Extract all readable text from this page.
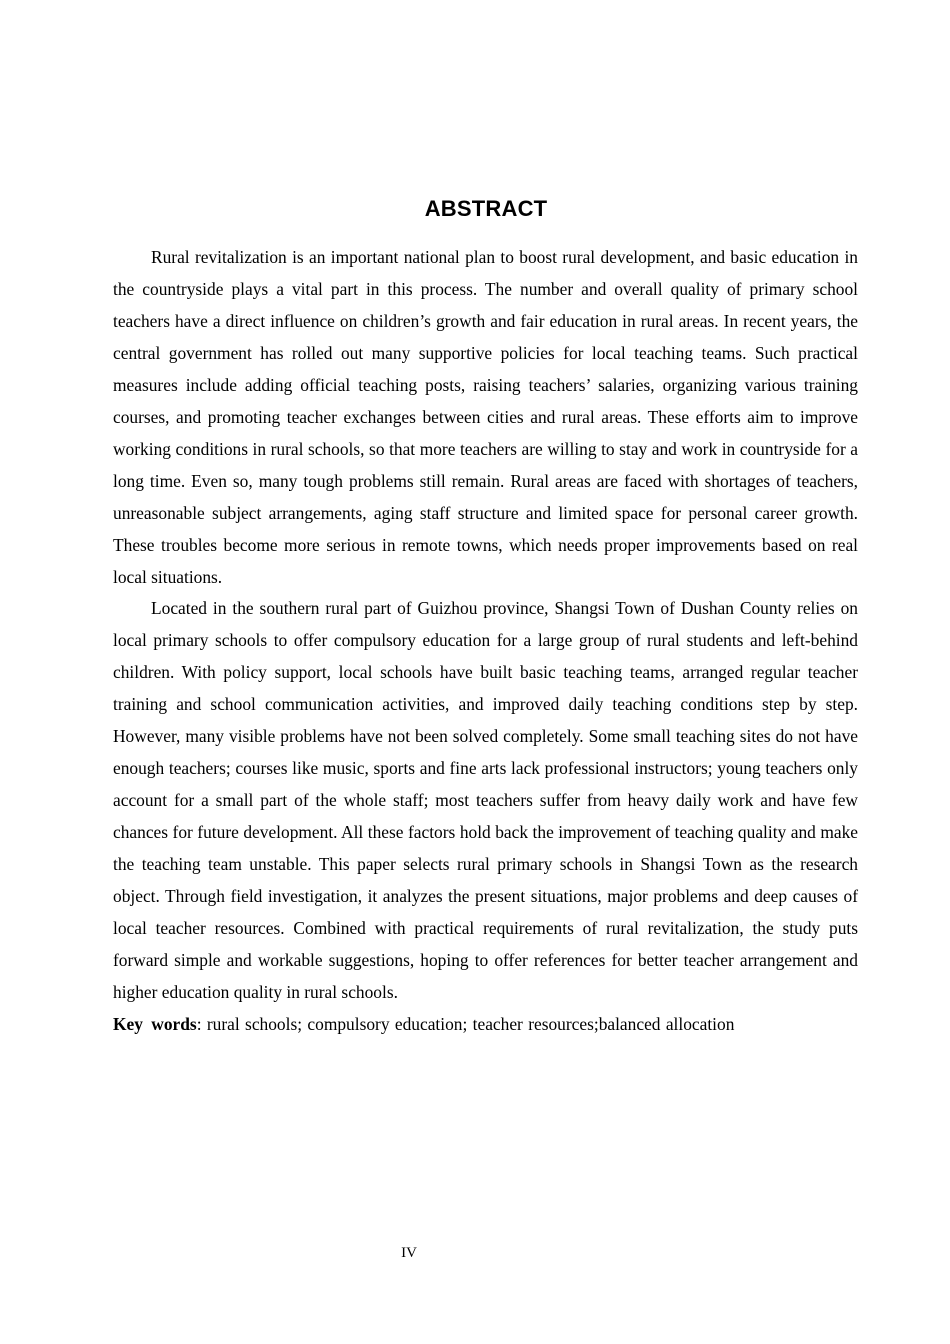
ABSTRACT

Rural revitalization is an important national plan to boost rural development, and basic education in the countryside plays a vital part in this process. The number and overall quality of primary school teachers have a direct influence on children’s growth and fair education in rural areas. In recent years, the central government has rolled out many supportive policies for local teaching teams. Such practical measures include adding official teaching posts, raising teachers’ salaries, organizing various training courses, and promoting teacher exchanges between cities and rural areas. These efforts aim to improve working conditions in rural schools, so that more teachers are willing to stay and work in countryside for a long time. Even so, many tough problems still remain. Rural areas are faced with shortages of teachers, unreasonable subject arrangements, aging staff structure and limited space for personal career growth. These troubles become more serious in remote towns, which needs proper improvements based on real local situations.

Located in the southern rural part of Guizhou province, Shangsi Town of Dushan County relies on local primary schools to offer compulsory education for a large group of rural students and left-behind children. With policy support, local schools have built basic teaching teams, arranged regular teacher training and school communication activities, and improved daily teaching conditions step by step. However, many visible problems have not been solved completely. Some small teaching sites do not have enough teachers; courses like music, sports and fine arts lack professional instructors; young teachers only account for a small part of the whole staff; most teachers suffer from heavy daily work and have few chances for future development. All these factors hold back the improvement of teaching quality and make the teaching team unstable. This paper selects rural primary schools in Shangsi Town as the research object. Through field investigation, it analyzes the present situations, major problems and deep causes of local teacher resources. Combined with practical requirements of rural revitalization, the study puts forward simple and workable suggestions, hoping to offer references for better teacher arrangement and higher education quality in rural schools.

Key words: rural schools; compulsory education; teacher resources;balanced allocation

IV
